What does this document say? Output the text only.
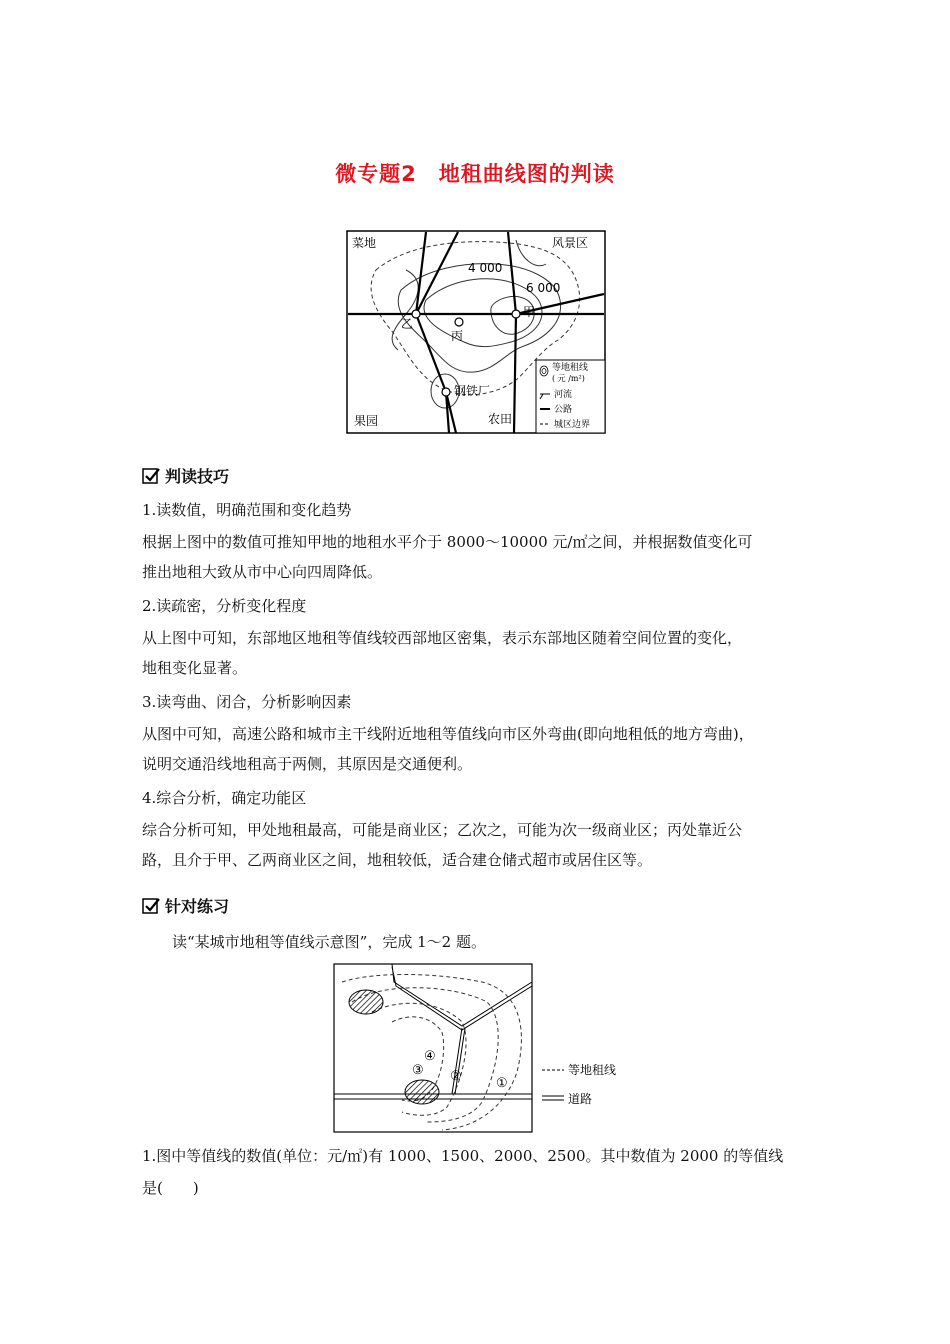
微专题2　地租曲线图的判读
菜地	风景区
4 000
6 000
甲
乙
丙
钢铁厂
果园	农田
等地租线
( 元 /m²)
河流
公路
城区边界
判读技巧
1.读数值，明确范围和变化趋势
根据上图中的数值可推知甲地的地租水平介于 8000～10000 元/㎡之间，并根据数值变化可
推出地租大致从市中心向四周降低。
2.读疏密，分析变化程度
从上图中可知，东部地区地租等值线较西部地区密集，表示东部地区随着空间位置的变化，
地租变化显著。
3.读弯曲、闭合，分析影响因素
从图中可知，高速公路和城市主干线附近地租等值线向市区外弯曲(即向地租低的地方弯曲)，
说明交通沿线地租高于两侧，其原因是交通便利。
4.综合分析，确定功能区
综合分析可知，甲处地租最高，可能是商业区；乙次之，可能为次一级商业区；丙处靠近公
路，且介于甲、乙两商业区之间，地租较低，适合建仓储式超市或居住区等。
针对练习
读“某城市地租等值线示意图”，完成 1～2 题。
④
③ ②	①
等地租线
道路
1.图中等值线的数值(单位：元/㎡)有 1000、1500、2000、2500。其中数值为 2000 的等值线
是(　　)
